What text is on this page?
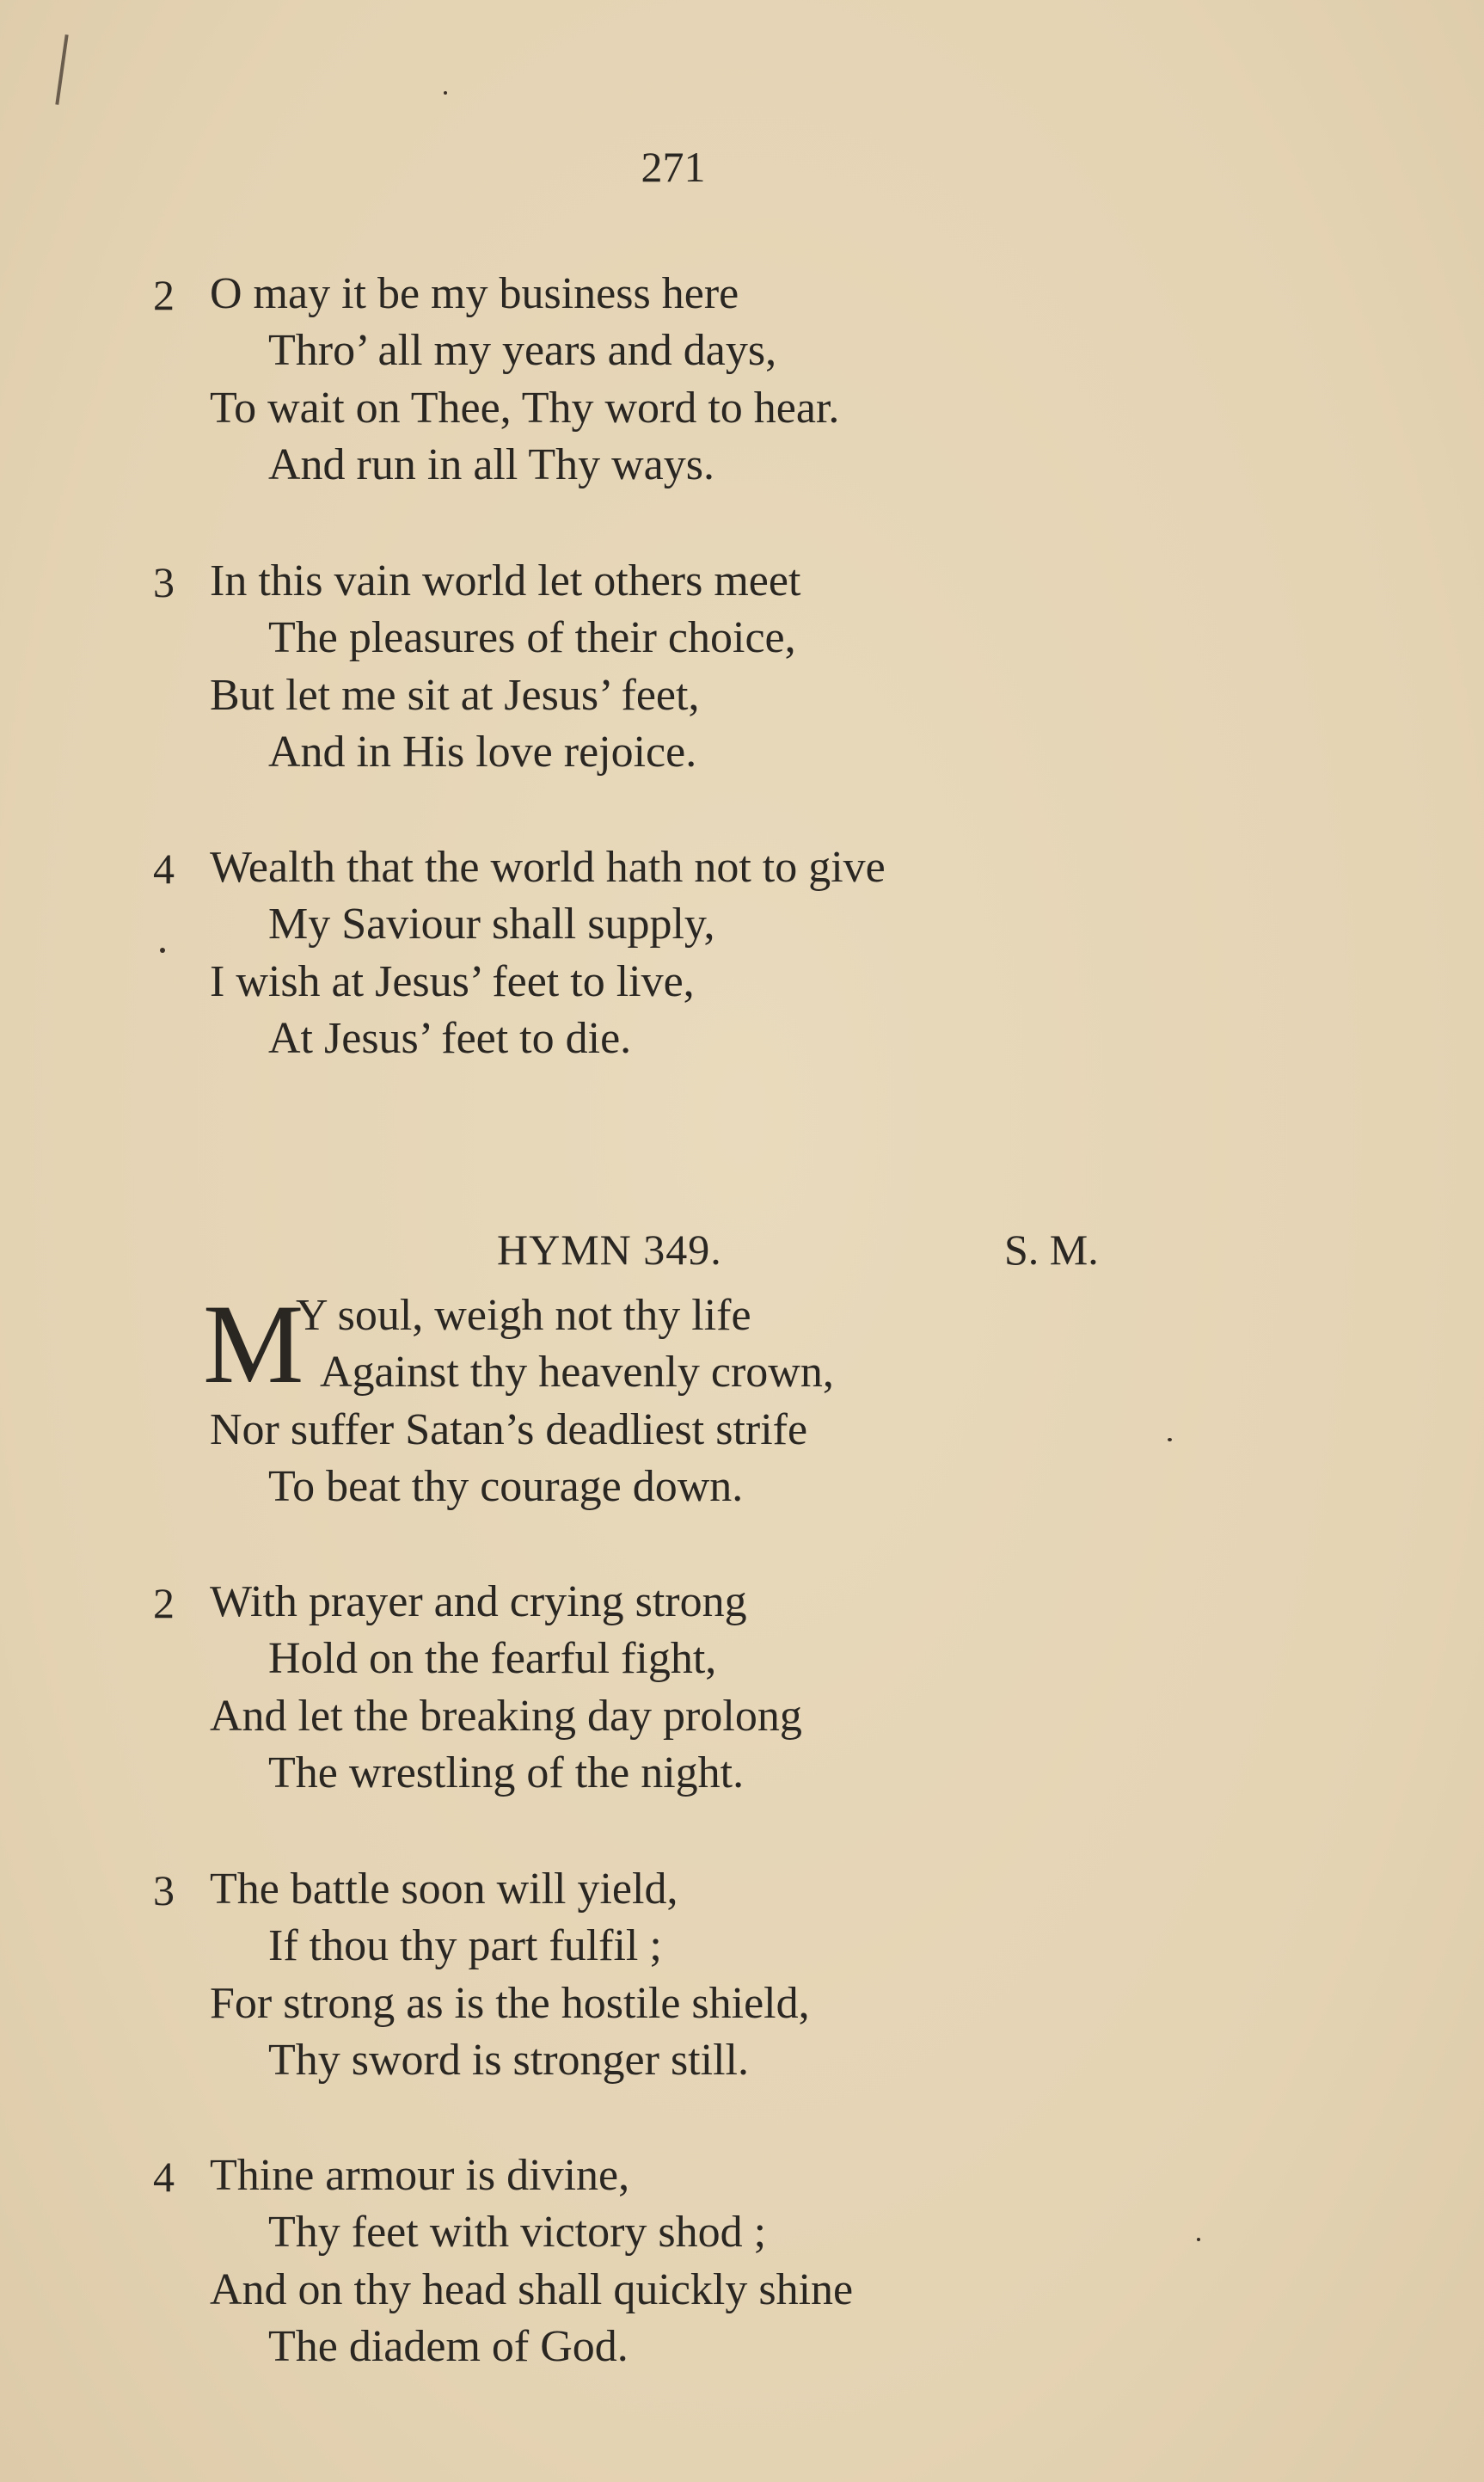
271
2 O may it be my business here
Thro’ all my years and days,
To wait on Thee, Thy word to hear.
And run in all Thy ways.
3 In this vain world let others meet
The pleasures of their choice,
But let me sit at Jesus’ feet,
And in His love rejoice.
4 Wealth that the world hath not to give
My Saviour shall supply,
I wish at Jesus’ feet to live,
At Jesus’ feet to die.
HYMN 349.	S. M.
M
Y soul, weigh not thy life
Against thy heavenly crown,
Nor suffer Satan’s deadliest strife
To beat thy courage down.
2 With prayer and crying strong
Hold on the fearful fight,
And let the breaking day prolong
The wrestling of the night.
3 The battle soon will yield,
If thou thy part fulfil ;
For strong as is the hostile shield,
Thy sword is stronger still.
4 Thine armour is divine,
Thy feet with victory shod ;
And on thy head shall quickly shine
The diadem of God.
